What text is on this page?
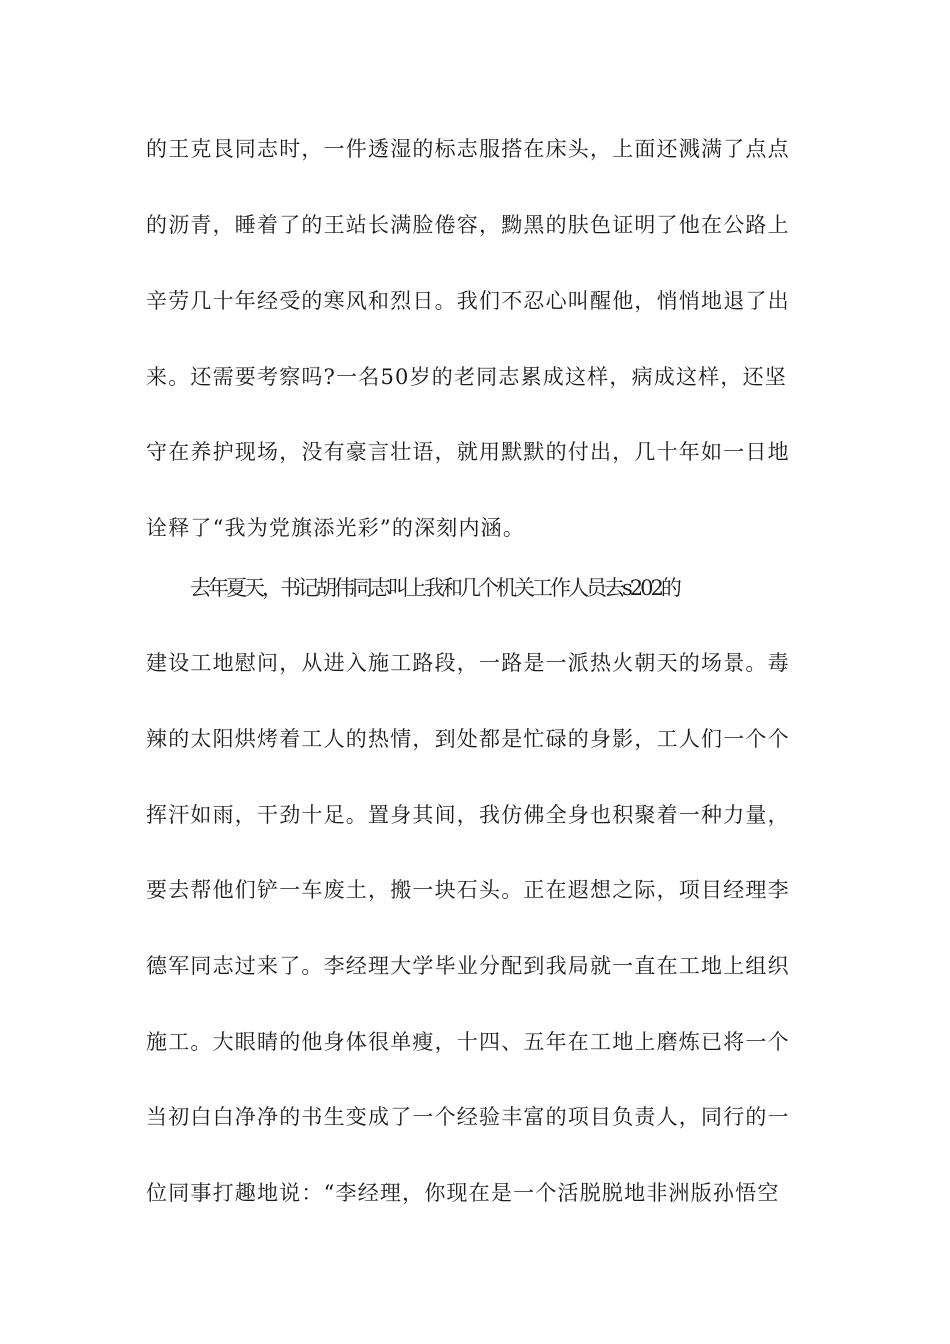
的王克艮同志时，一件透湿的标志服搭在床头，上面还溅满了点点
的沥青，睡着了的王站长满脸倦容，黝黑的肤色证明了他在公路上
辛劳几十年经受的寒风和烈日。我们不忍心叫醒他，悄悄地退了出
来。还需要考察吗?一名50岁的老同志累成这样，病成这样，还坚
守在养护现场，没有豪言壮语，就用默默的付出，几十年如一日地
诠释了“我为党旗添光彩”的深刻内涵。
去年夏天，书记胡伟同志叫上我和几个机关工作人员去s202的
建设工地慰问，从进入施工路段，一路是一派热火朝天的场景。毒
辣的太阳烘烤着工人的热情，到处都是忙碌的身影，工人们一个个
挥汗如雨，干劲十足。置身其间，我仿佛全身也积聚着一种力量，
要去帮他们铲一车废土，搬一块石头。正在遐想之际，项目经理李
德军同志过来了。李经理大学毕业分配到我局就一直在工地上组织
施工。大眼睛的他身体很单瘦，十四、五年在工地上磨炼已将一个
当初白白净净的书生变成了一个经验丰富的项目负责人，同行的一
位同事打趣地说：“李经理，你现在是一个活脱脱地非洲版孙悟空
